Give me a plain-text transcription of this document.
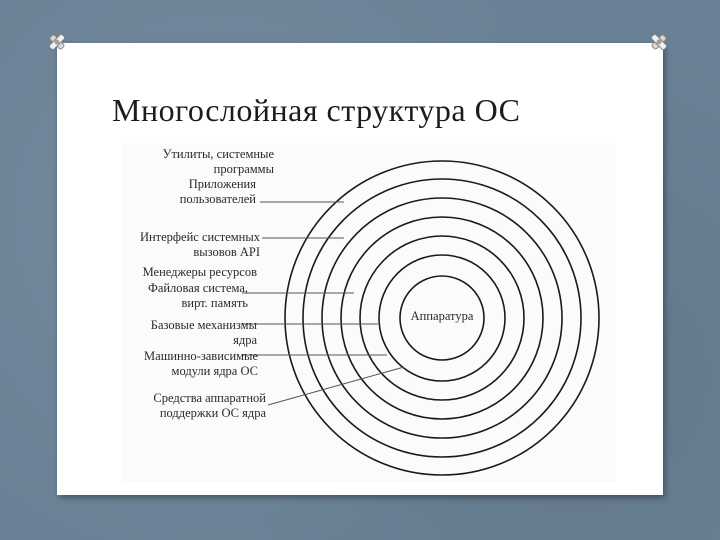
Многослойная структура ОС
Утилиты, системные
программы
Приложения
пользователей
Интерфейс системных
вызовов API
Менеджеры ресурсов
Файловая система,
вирт. память
Базовые механизмы
ядра
Машинно-зависимые
модули ядра ОС
Средства аппаратной
поддержки ОС ядра
Аппаратура
